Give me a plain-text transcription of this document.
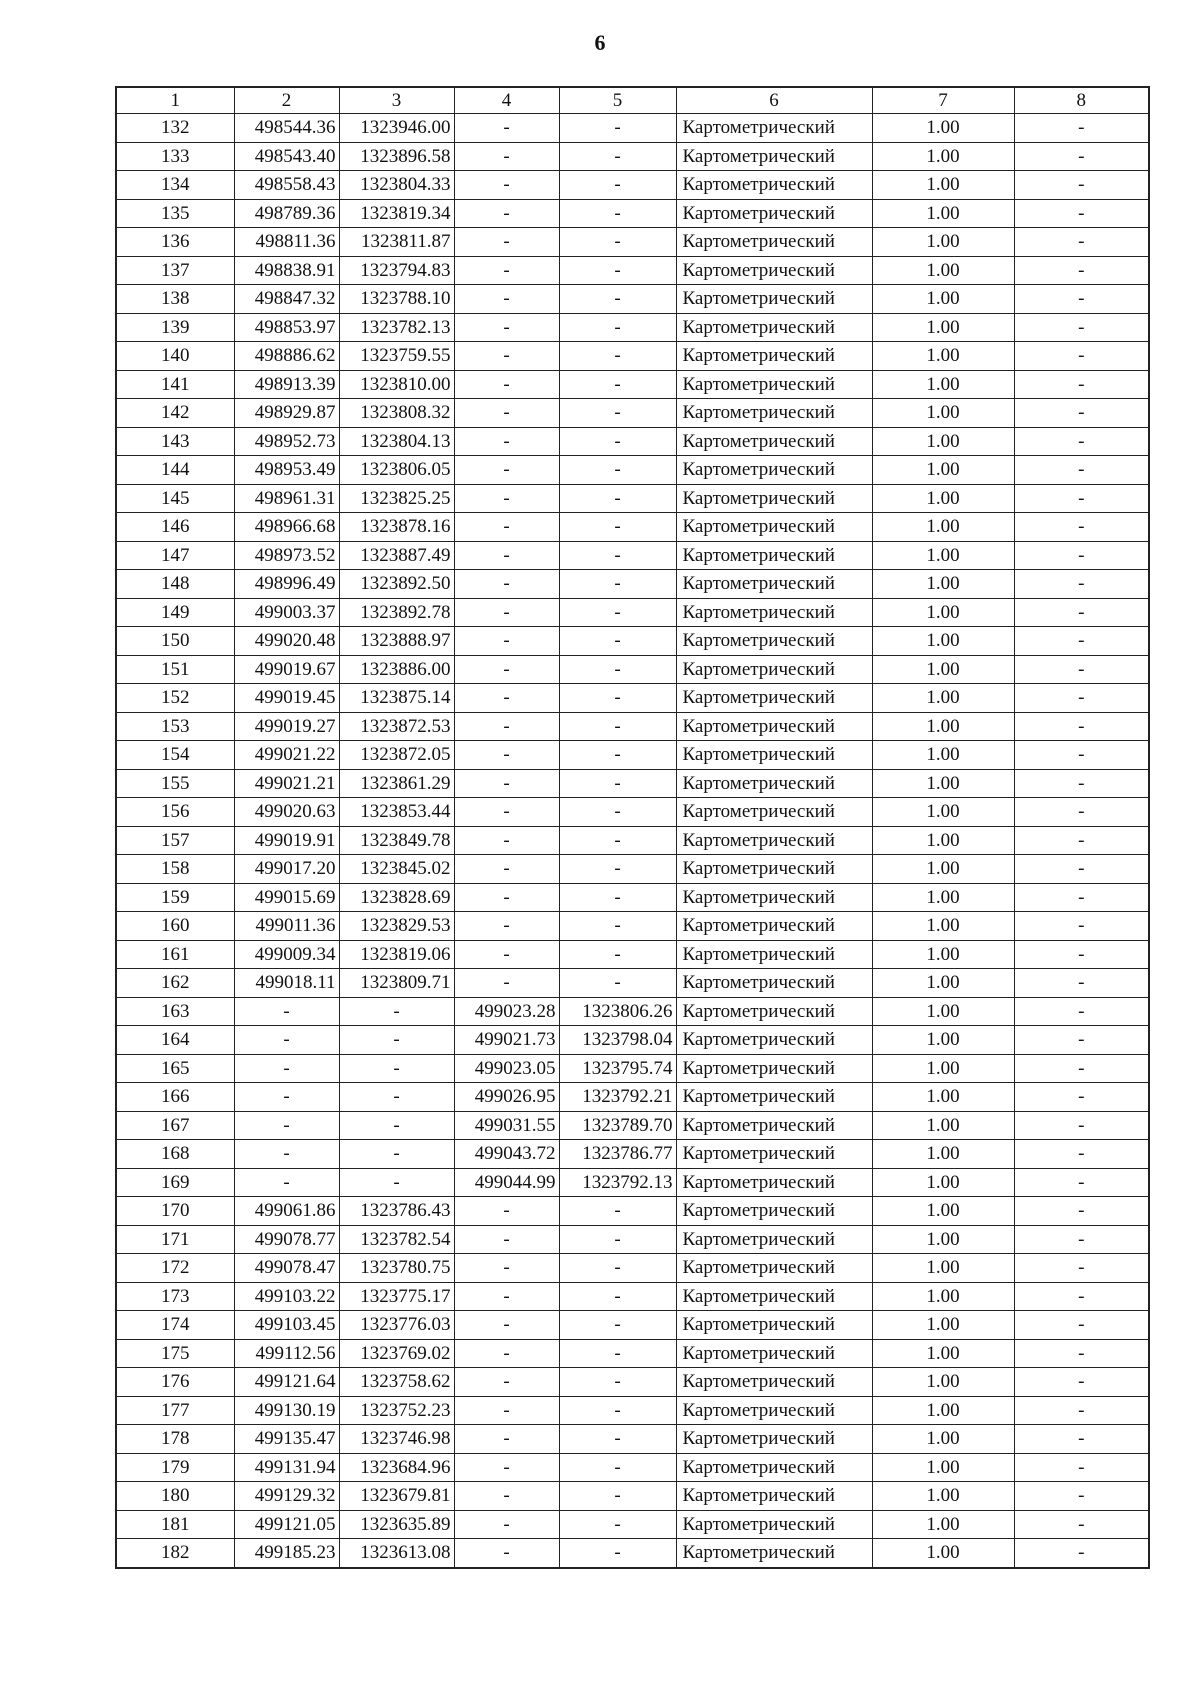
6
1	2	3	4	5	6	7	8
132	498544.36	1323946.00	-	-	Картометрический	1.00	-
133	498543.40	1323896.58	-	-	Картометрический	1.00	-
134	498558.43	1323804.33	-	-	Картометрический	1.00	-
135	498789.36	1323819.34	-	-	Картометрический	1.00	-
136	498811.36	1323811.87	-	-	Картометрический	1.00	-
137	498838.91	1323794.83	-	-	Картометрический	1.00	-
138	498847.32	1323788.10	-	-	Картометрический	1.00	-
139	498853.97	1323782.13	-	-	Картометрический	1.00	-
140	498886.62	1323759.55	-	-	Картометрический	1.00	-
141	498913.39	1323810.00	-	-	Картометрический	1.00	-
142	498929.87	1323808.32	-	-	Картометрический	1.00	-
143	498952.73	1323804.13	-	-	Картометрический	1.00	-
144	498953.49	1323806.05	-	-	Картометрический	1.00	-
145	498961.31	1323825.25	-	-	Картометрический	1.00	-
146	498966.68	1323878.16	-	-	Картометрический	1.00	-
147	498973.52	1323887.49	-	-	Картометрический	1.00	-
148	498996.49	1323892.50	-	-	Картометрический	1.00	-
149	499003.37	1323892.78	-	-	Картометрический	1.00	-
150	499020.48	1323888.97	-	-	Картометрический	1.00	-
151	499019.67	1323886.00	-	-	Картометрический	1.00	-
152	499019.45	1323875.14	-	-	Картометрический	1.00	-
153	499019.27	1323872.53	-	-	Картометрический	1.00	-
154	499021.22	1323872.05	-	-	Картометрический	1.00	-
155	499021.21	1323861.29	-	-	Картометрический	1.00	-
156	499020.63	1323853.44	-	-	Картометрический	1.00	-
157	499019.91	1323849.78	-	-	Картометрический	1.00	-
158	499017.20	1323845.02	-	-	Картометрический	1.00	-
159	499015.69	1323828.69	-	-	Картометрический	1.00	-
160	499011.36	1323829.53	-	-	Картометрический	1.00	-
161	499009.34	1323819.06	-	-	Картометрический	1.00	-
162	499018.11	1323809.71	-	-	Картометрический	1.00	-
163	-	-	499023.28	1323806.26	Картометрический	1.00	-
164	-	-	499021.73	1323798.04	Картометрический	1.00	-
165	-	-	499023.05	1323795.74	Картометрический	1.00	-
166	-	-	499026.95	1323792.21	Картометрический	1.00	-
167	-	-	499031.55	1323789.70	Картометрический	1.00	-
168	-	-	499043.72	1323786.77	Картометрический	1.00	-
169	-	-	499044.99	1323792.13	Картометрический	1.00	-
170	499061.86	1323786.43	-	-	Картометрический	1.00	-
171	499078.77	1323782.54	-	-	Картометрический	1.00	-
172	499078.47	1323780.75	-	-	Картометрический	1.00	-
173	499103.22	1323775.17	-	-	Картометрический	1.00	-
174	499103.45	1323776.03	-	-	Картометрический	1.00	-
175	499112.56	1323769.02	-	-	Картометрический	1.00	-
176	499121.64	1323758.62	-	-	Картометрический	1.00	-
177	499130.19	1323752.23	-	-	Картометрический	1.00	-
178	499135.47	1323746.98	-	-	Картометрический	1.00	-
179	499131.94	1323684.96	-	-	Картометрический	1.00	-
180	499129.32	1323679.81	-	-	Картометрический	1.00	-
181	499121.05	1323635.89	-	-	Картометрический	1.00	-
182	499185.23	1323613.08	-	-	Картометрический	1.00	-
